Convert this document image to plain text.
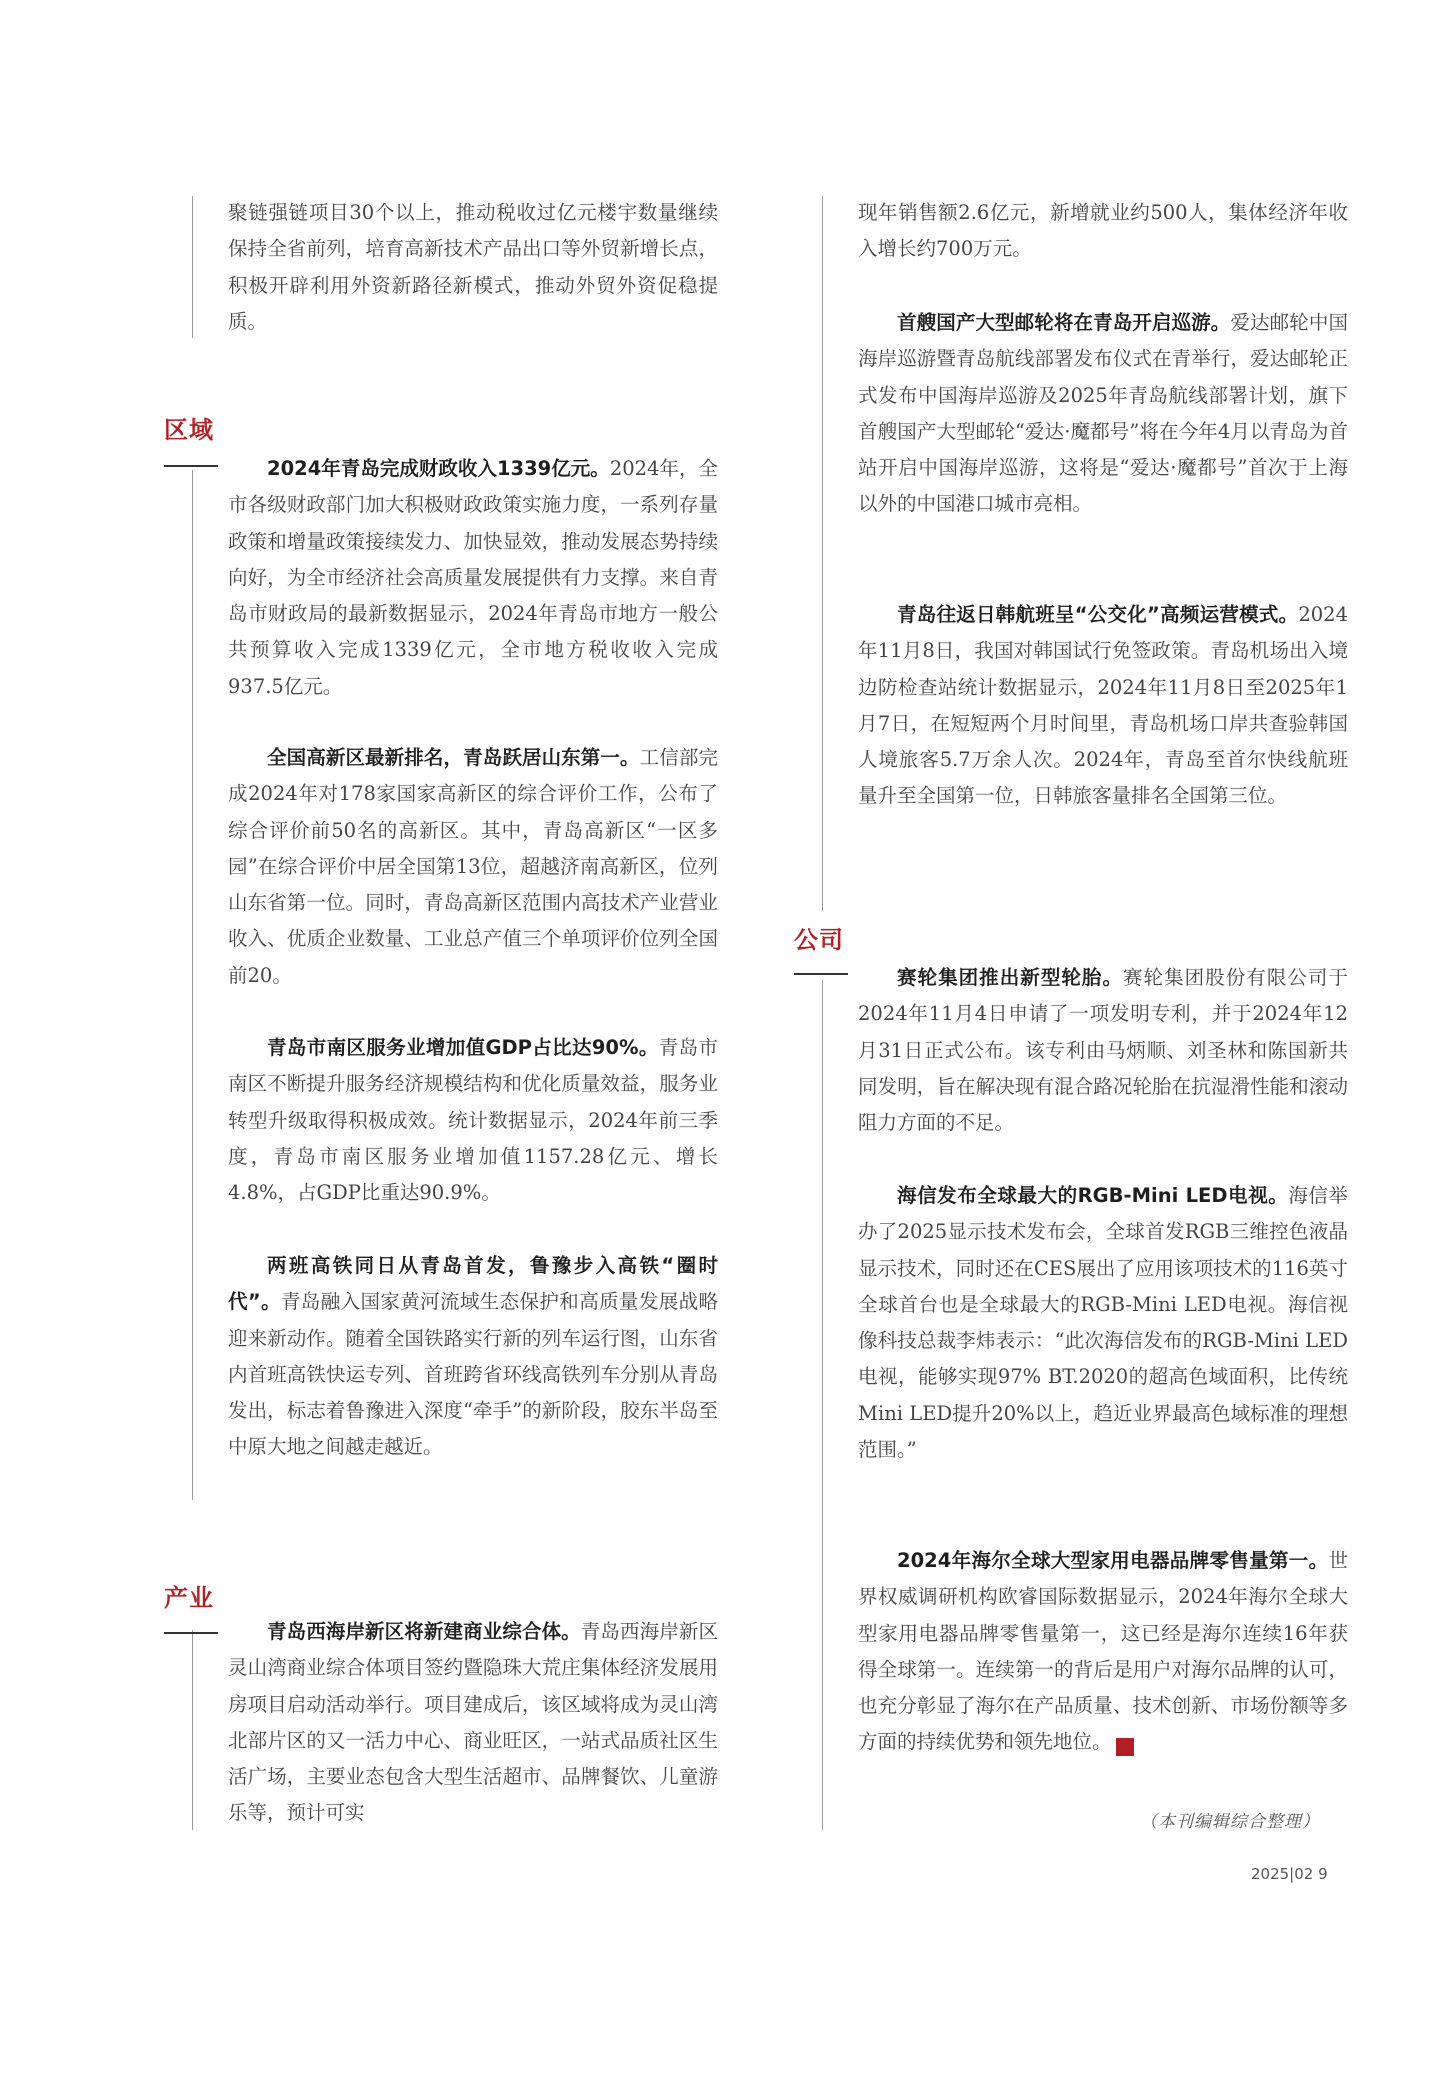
区域
产业
公司

聚链强链项目30个以上，推动税收过亿元楼宇数量继续保持全省前列，培育高新技术产品出口等外贸新增长点，积极开辟利用外资新路径新模式，推动外贸外资促稳提质。

2024年青岛完成财政收入1339亿元。2024年，全市各级财政部门加大积极财政政策实施力度，一系列存量政策和增量政策接续发力、加快显效，推动发展态势持续向好，为全市经济社会高质量发展提供有力支撑。来自青岛市财政局的最新数据显示，2024年青岛市地方一般公共预算收入完成1339亿元，全市地方税收收入完成937.5亿元。

全国高新区最新排名，青岛跃居山东第一。工信部完成2024年对178家国家高新区的综合评价工作，公布了综合评价前50名的高新区。其中，青岛高新区“一区多园”在综合评价中居全国第13位，超越济南高新区，位列山东省第一位。同时，青岛高新区范围内高技术产业营业收入、优质企业数量、工业总产值三个单项评价位列全国前20。

青岛市南区服务业增加值GDP占比达90%。青岛市南区不断提升服务经济规模结构和优化质量效益，服务业转型升级取得积极成效。统计数据显示，2024年前三季度，青岛市南区服务业增加值1157.28亿元、增长4.8%，占GDP比重达90.9%。

两班高铁同日从青岛首发，鲁豫步入高铁“圈时代”。青岛融入国家黄河流域生态保护和高质量发展战略迎来新动作。随着全国铁路实行新的列车运行图，山东省内首班高铁快运专列、首班跨省环线高铁列车分别从青岛发出，标志着鲁豫进入深度“牵手”的新阶段，胶东半岛至中原大地之间越走越近。

青岛西海岸新区将新建商业综合体。青岛西海岸新区灵山湾商业综合体项目签约暨隐珠大荒庄集体经济发展用房项目启动活动举行。项目建成后，该区域将成为灵山湾北部片区的又一活力中心、商业旺区，一站式品质社区生活广场，主要业态包含大型生活超市、品牌餐饮、儿童游乐等，预计可实

现年销售额2.6亿元，新增就业约500人，集体经济年收入增长约700万元。

首艘国产大型邮轮将在青岛开启巡游。爱达邮轮中国海岸巡游暨青岛航线部署发布仪式在青举行，爱达邮轮正式发布中国海岸巡游及2025年青岛航线部署计划，旗下首艘国产大型邮轮“爱达·魔都号”将在今年4月以青岛为首站开启中国海岸巡游，这将是“爱达·魔都号”首次于上海以外的中国港口城市亮相。

青岛往返日韩航班呈“公交化”高频运营模式。2024年11月8日，我国对韩国试行免签政策。青岛机场出入境边防检查站统计数据显示，2024年11月8日至2025年1月7日，在短短两个月时间里，青岛机场口岸共查验韩国人境旅客5.7万余人次。2024年，青岛至首尔快线航班量升至全国第一位，日韩旅客量排名全国第三位。

赛轮集团推出新型轮胎。赛轮集团股份有限公司于2024年11月4日申请了一项发明专利，并于2024年12月31日正式公布。该专利由马炳顺、刘圣林和陈国新共同发明，旨在解决现有混合路况轮胎在抗湿滑性能和滚动阻力方面的不足。

海信发布全球最大的RGB-Mini LED电视。海信举办了2025显示技术发布会，全球首发RGB三维控色液晶显示技术，同时还在CES展出了应用该项技术的116英寸全球首台也是全球最大的RGB-Mini LED电视。海信视像科技总裁李炜表示：“此次海信发布的RGB-Mini LED电视，能够实现97% BT.2020的超高色域面积，比传统Mini LED提升20%以上，趋近业界最高色域标准的理想范围。”

2024年海尔全球大型家用电器品牌零售量第一。世界权威调研机构欧睿国际数据显示，2024年海尔全球大型家用电器品牌零售量第一，这已经是海尔连续16年获得全球第一。连续第一的背后是用户对海尔品牌的认可，也充分彰显了海尔在产品质量、技术创新、市场份额等多方面的持续优势和领先地位。	G

（本刊编辑综合整理）

2025|02 9
